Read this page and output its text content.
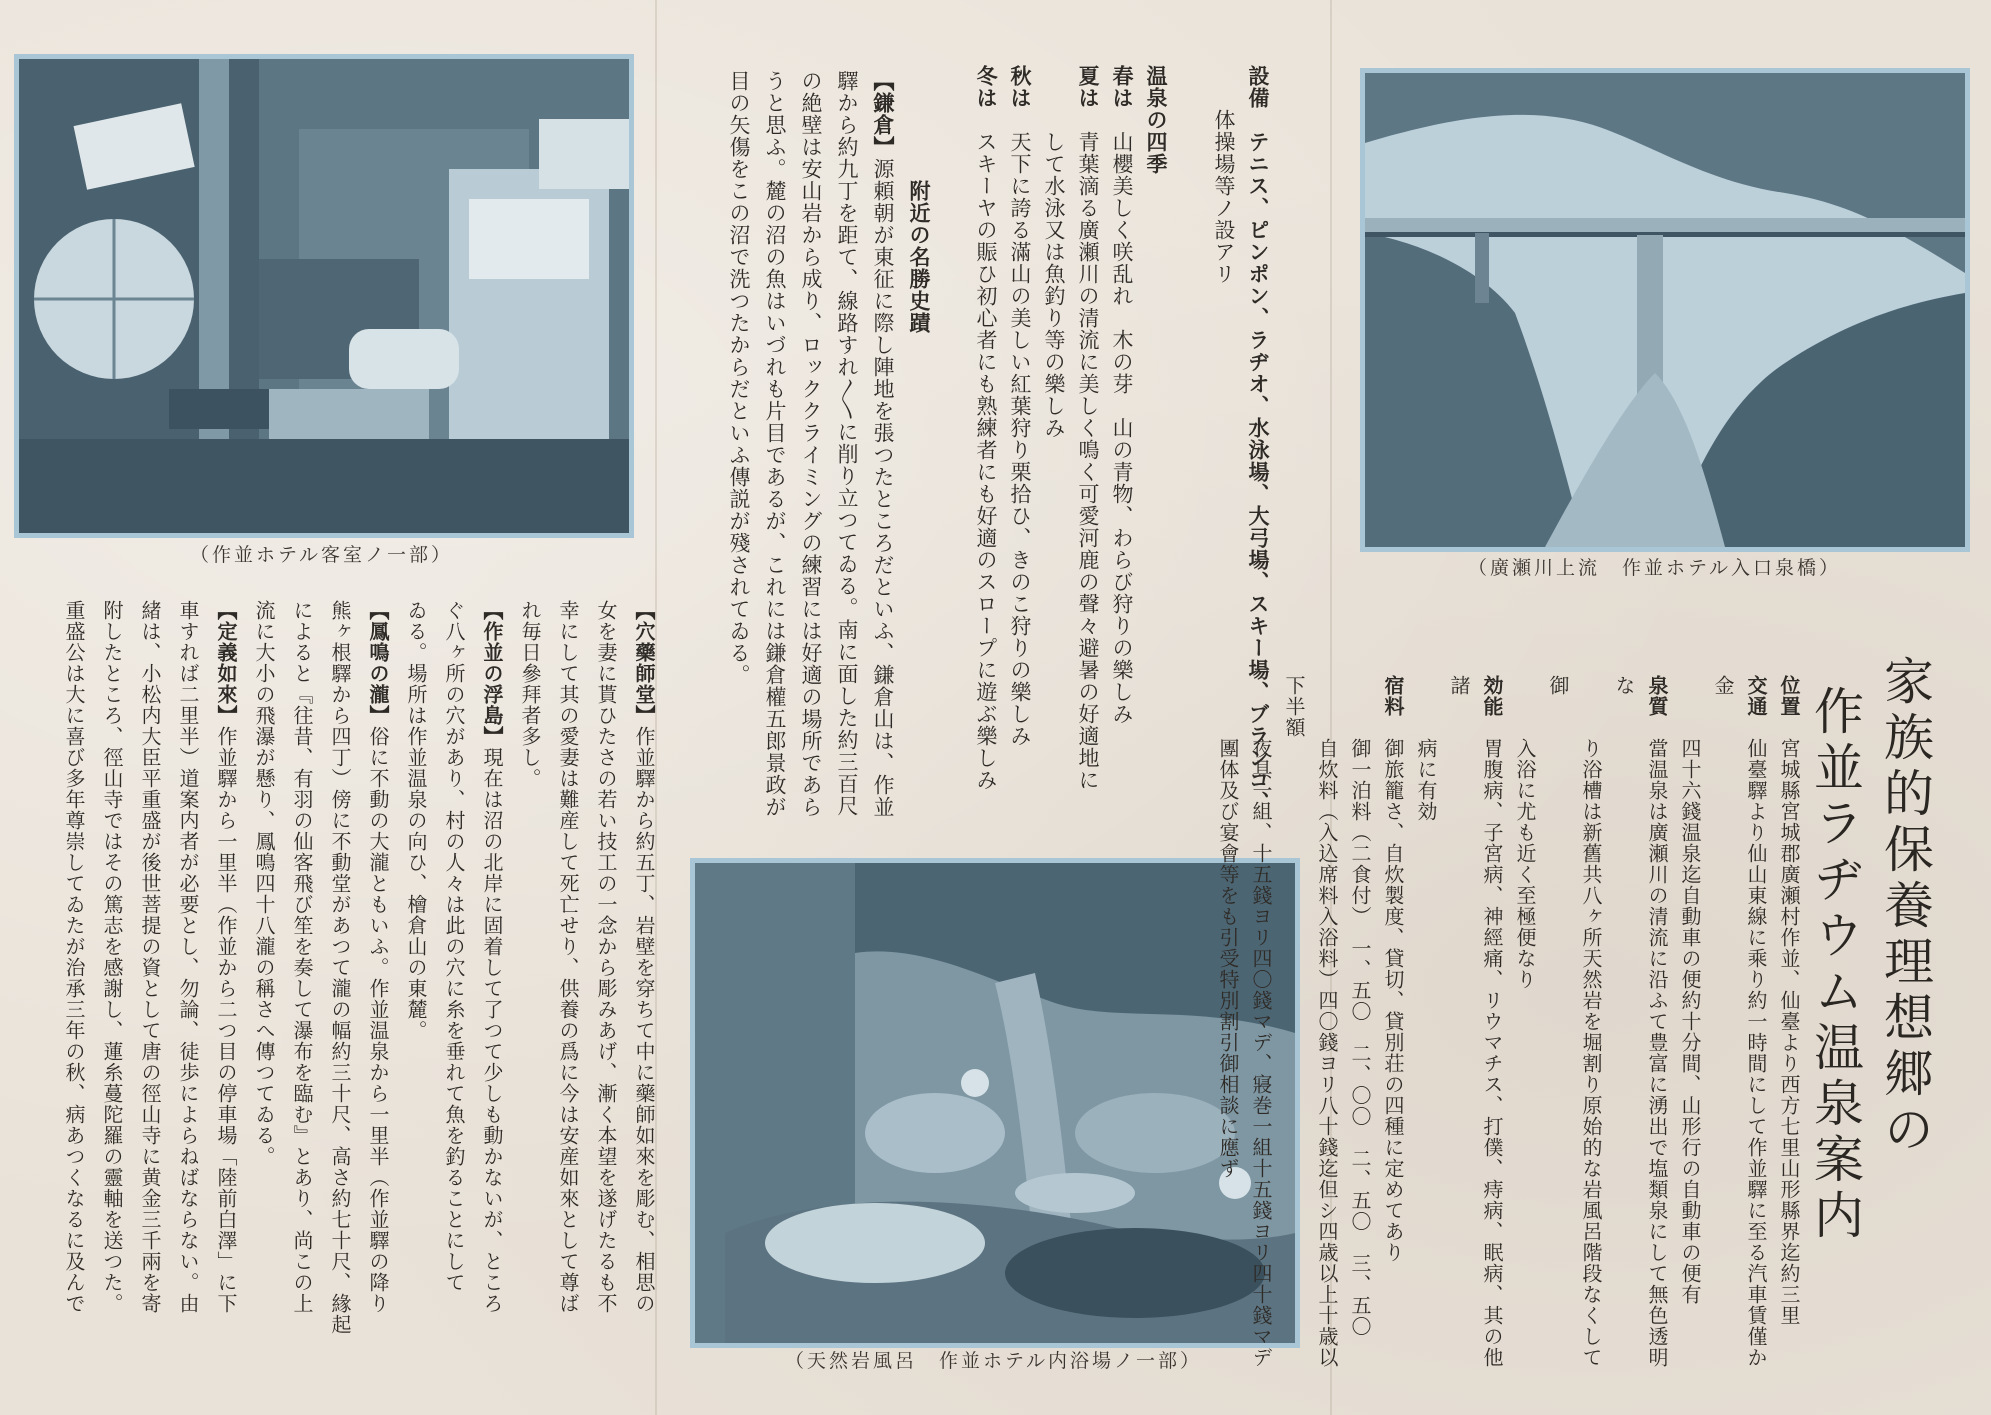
（作並ホテル客室ノ一部）
（廣瀬川上流　作並ホテル入口泉橋）
（天然岩風呂　作並ホテル内浴場ノ一部）
家族的保養理想郷の
作並ラヂウム温泉案内

位置　宮城縣宮城郡廣瀬村作並、仙臺より西方七里山形縣界迄約三里

交通　仙臺驛より仙山東線に乘り約一時間にして作並驛に至る汽車賃僅か金

　　　四十六錢温泉迄自動車の便約十分間、山形行の自動車の便有

泉質　當温泉は廣瀬川の清流に沿ふて豊富に湧出で塩類泉にして無色透明な

　　　り浴槽は新舊共八ヶ所天然岩を堀割り原始的な岩風呂階段なくして御

　　　入浴に尤も近く至極便なり

効能　胃腹病、子宮病、神經痛、リウマチス、打僕、痔病、眠病、其の他諸

　　　病に有効

宿料　御旅籠さ、自炊製度、貸切、貸別荘の四種に定めてあり

　　　御一泊料（二食付）　一、五〇　二、〇〇　二、五〇　三、五〇

　　　自炊料（入込席料入浴料）四〇錢ヨリ八十錢迄但シ四歳以上十歳以下半額

　　　夜具一組、十五錢ヨリ四〇錢マデ、寢巻一組十五錢ヨリ四十錢マデ

　　　團体及び宴會等をも引受特別割引御相談に應ず

設備　テニス、ピンポン、ラヂオ、水泳場、大弓場、スキー場、ブランコ、

　　体操場等ノ設アリ

温泉の四季

春は　山櫻美しく咲乱れ　木の芽　山の青物、わらび狩りの樂しみ

夏は　青葉滴る廣瀬川の清流に美しく鳴く可愛河鹿の聲々避暑の好適地に

　　　して水泳又は魚釣り等の樂しみ

秋は　天下に誇る滿山の美しい紅葉狩り栗拾ひ、きのこ狩りの樂しみ

冬は　スキーヤの賑ひ初心者にも熟練者にも好適のスロープに遊ぶ樂しみ

　　　　　附近の名勝史蹟

【鎌倉】源頼朝が東征に際し陣地を張つたところだといふ、鎌倉山は、作並

驛から約九丁を距て、線路すれ〳〵に削り立つてゐる。南に面した約三百尺

の絶壁は安山岩から成り、ロッククライミングの練習には好適の場所であら

うと思ふ。麓の沼の魚はいづれも片目であるが、これには鎌倉權五郎景政が

目の矢傷をこの沼で洗つたからだといふ傳説が殘されてゐる。

【穴藥師堂】作並驛から約五丁、岩壁を穿ちて中に藥師如來を彫む、相思の

女を妻に貰ひたさの若い技工の一念から彫みあげ、漸く本望を遂げたるも不

幸にして其の愛妻は難産して死亡せり、供養の爲に今は安産如來として尊ば

れ毎日參拜者多し。

【作並の浮島】現在は沼の北岸に固着して了つて少しも動かないが、ところ

ぐ八ヶ所の穴があり、村の人々は此の穴に糸を垂れて魚を釣ることにして

ゐる。場所は作並温泉の向ひ、檜倉山の東麓。

【鳳鳴の瀧】俗に不動の大瀧ともいふ。作並温泉から一里半（作並驛の降り

熊ヶ根驛から四丁）傍に不動堂があつて瀧の幅約三十尺、高さ約七十尺、緣起

によると『往昔、有羽の仙客飛び笙を奏して瀑布を臨む』とあり、尚この上

流に大小の飛瀑が懸り、鳳鳴四十八瀧の稱さへ傳つてゐる。

【定義如來】作並驛から一里半（作並から二つ目の停車場「陸前白澤」に下

車すれば二里半）道案内者が必要とし、勿論、徒歩によらねばならない。由

緒は、小松内大臣平重盛が後世菩提の資として唐の徑山寺に黄金三千兩を寄

附したところ、徑山寺ではその篤志を感謝し、蓮糸蔓陀羅の靈軸を送つた。

重盛公は大に喜び多年尊崇してゐたが治承三年の秋、病あつくなるに及んで
